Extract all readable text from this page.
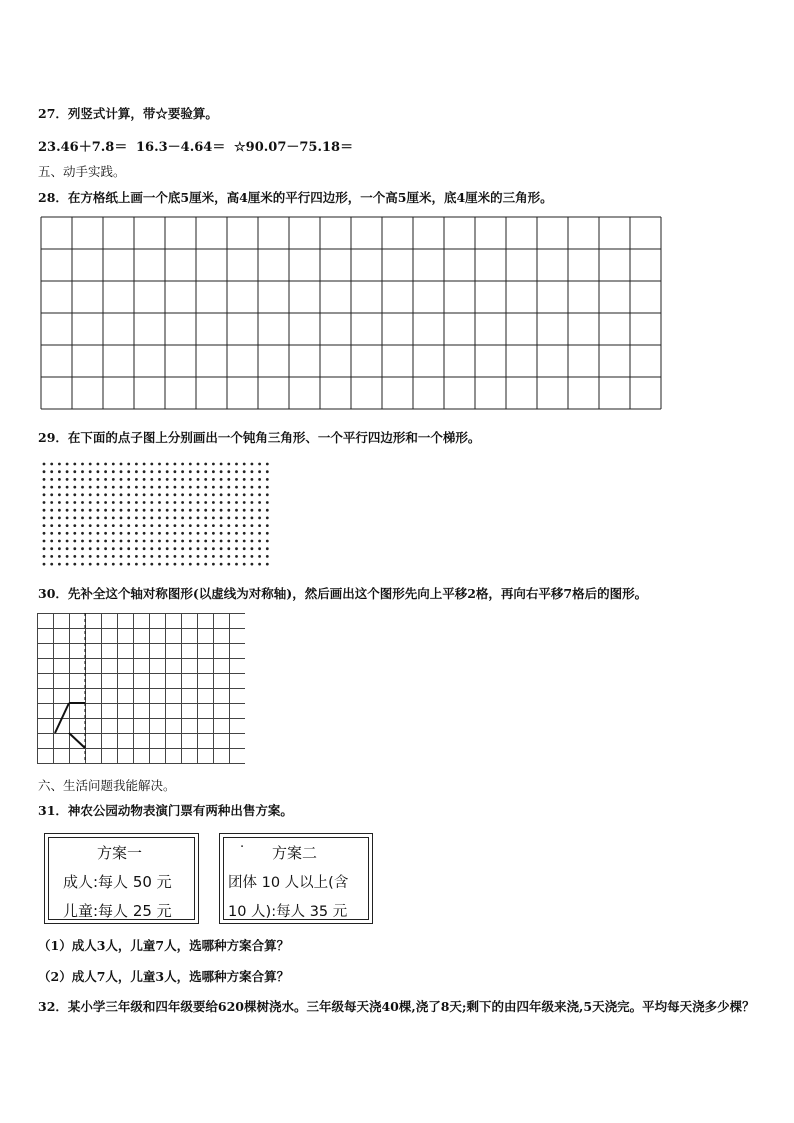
27．列竖式计算，带☆要验算。
23.46＋7.8＝ 16.3－4.64＝ ☆90.07－75.18＝
五、动手实践。
28．在方格纸上画一个底5厘米，高4厘米的平行四边形，一个高5厘米，底4厘米的三角形。
29．在下面的点子图上分别画出一个钝角三角形、一个平行四边形和一个梯形。
30．先补全这个轴对称图形(以虚线为对称轴)，然后画出这个图形先向上平移2格，再向右平移7格后的图形。
六、生活问题我能解决。
31．神农公园动物表演门票有两种出售方案。
方案一
成人:每人 50 元
儿童:每人 25 元
· 方案二
团体 10 人以上(含
10 人):每人 35 元
（1）成人3人，儿童7人，选哪种方案合算？
（2）成人7人，儿童3人，选哪种方案合算？
32．某小学三年级和四年级要给620棵树浇水。三年级每天浇40棵,浇了8天;剩下的由四年级来浇,5天浇完。平均每天浇多少棵？
